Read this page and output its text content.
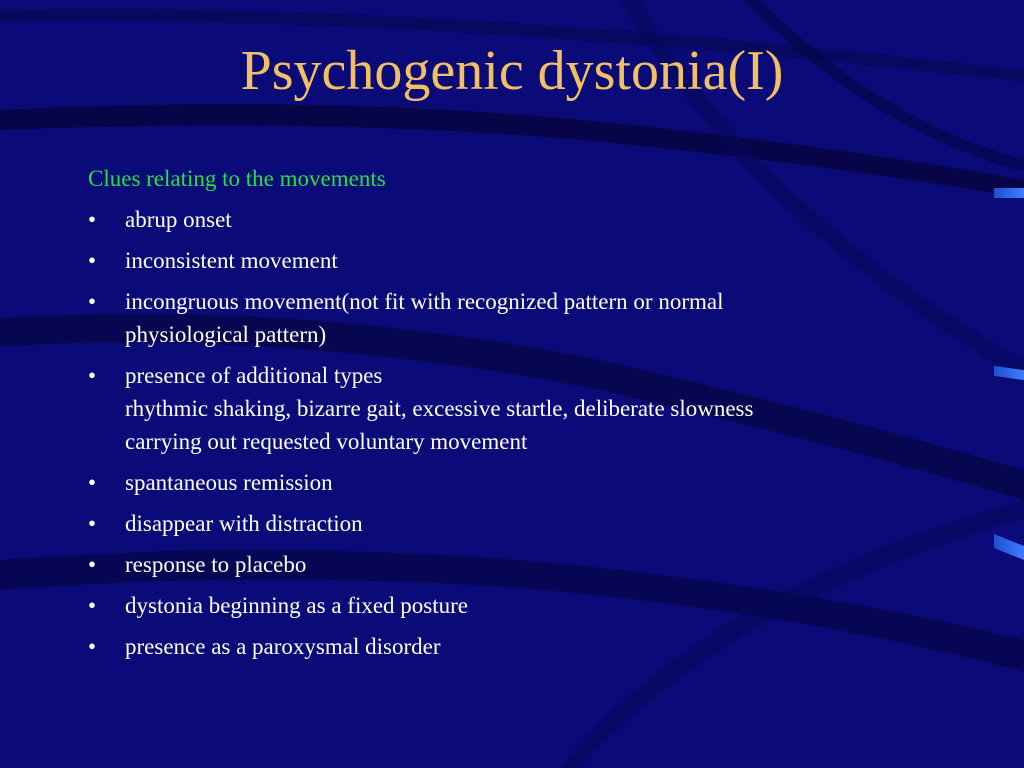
Psychogenic dystonia(I)

Clues relating to the movements

• abrup onset
• inconsistent movement
• incongruous movement(not fit with recognized pattern or normal
physiological pattern)
• presence of additional types
rhythmic shaking, bizarre gait, excessive startle, deliberate slowness
carrying out requested voluntary movement
• spantaneous remission
• disappear with distraction
• response to placebo
• dystonia beginning as a fixed posture
• presence as a paroxysmal disorder
